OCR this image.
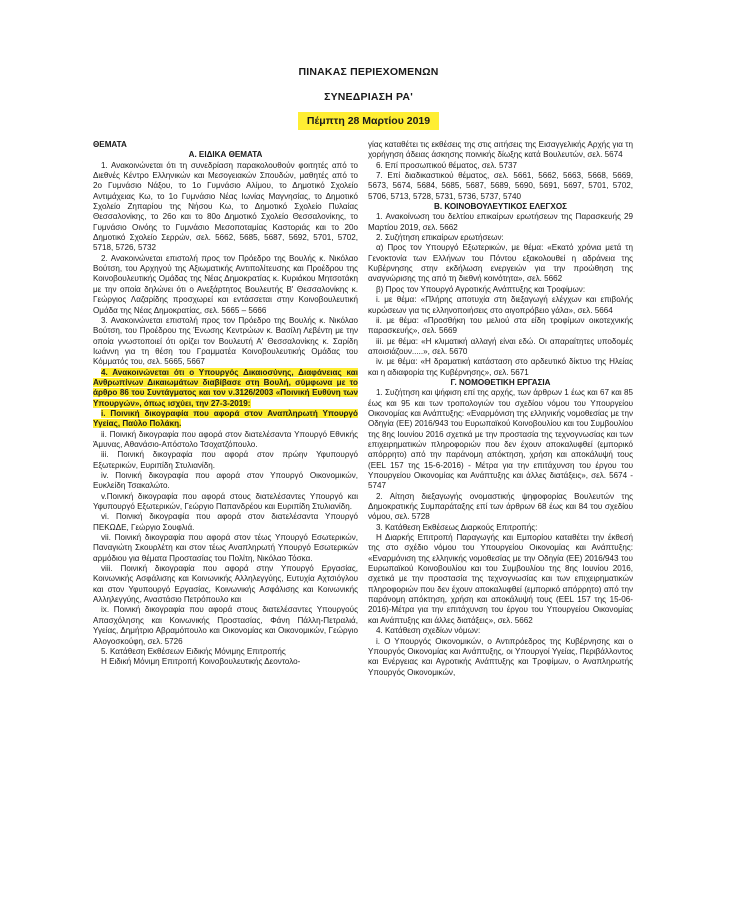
ΠΙΝΑΚΑΣ ΠΕΡΙΕΧΟΜΕΝΩΝ
ΣΥΝΕΔΡΙΑΣΗ ΡΑ'
Πέμπτη 28 Μαρτίου 2019

ΘΕΜΑΤΑ

Α. ΕΙΔΙΚΑ ΘΕΜΑΤΑ

1. Ανακοινώνεται ότι τη συνεδρίαση παρακολουθούν φοιτητές από το Διεθνές Κέντρο Ελληνικών και Μεσογειακών Σπουδών, μαθητές από το 2ο Γυμνάσιο Νάξου, το 1ο Γυμνάσιο Αλίμου, το Δημοτικό Σχολείο Αντιμάχειας Κω, το 1ο Γυμνάσιο Νέας Ιωνίας Μαγνησίας, το Δημοτικό Σχολείο Ζηπαρίου της Νήσου Κω, το Δημοτικό Σχολείο Πυλαίας Θεσσαλονίκης, το 26ο και το 80ο Δημοτικό Σχολείο Θεσσαλονίκης, το Γυμνάσιο Οινόης το Γυμνάσιο Μεσοποταμίας Καστοριάς και το 20ο Δημοτικό Σχολείο Σερρών, σελ. 5662, 5685, 5687, 5692, 5701, 5702, 5718, 5726, 5732

2. Ανακοινώνεται επιστολή προς τον Πρόεδρο της Βουλής κ. Νικόλαο Βούτση, του Αρχηγού της Αξιωματικής Αντιπολίτευσης και Προέδρου της Κοινοβουλευτικής Ομάδας της Νέας Δημοκρατίας κ. Κυριάκου Μητσοτάκη με την οποία δηλώνει ότι ο Ανεξάρτητος Βουλευτής Β' Θεσσαλονίκης κ. Γεώργιος Λαζαρίδης προσχωρεί και εντάσσεται στην Κοινοβουλευτική Ομάδα της Νέας Δημοκρατίας, σελ. 5665 – 5666

3. Ανακοινώνεται επιστολή προς τον Πρόεδρο της Βουλής κ. Νικόλαο Βούτση, του Προέδρου της Ένωσης Κεντρώων κ. Βασίλη Λεβέντη με την οποία γνωστοποιεί ότι ορίζει τον Βουλευτή Α' Θεσσαλονίκης κ. Σαρίδη Ιωάννη για τη θέση του Γραμματέα Κοινοβουλευτικής Ομάδας του Κόμματός του, σελ. 5665, 5667

4. Ανακοινώνεται ότι ο Υπουργός Δικαιοσύνης, Διαφάνειας και Ανθρωπίνων Δικαιωμάτων διαβίβασε στη Βουλή, σύμφωνα με το άρθρο 86 του Συντάγματος και τον ν.3126/2003 «Ποινική Ευθύνη των Υπουργών», όπως ισχύει, την 27-3-2019:

i. Ποινική δικογραφία που αφορά στον Αναπληρωτή Υπουργό Υγείας, Παύλο Πολάκη.

ii. Ποινική δικογραφία που αφορά στον διατελέσαντα Υπουργό Εθνικής Άμυνας, Αθανάσιο-Απόστολο Τσοχατζόπουλο.

iii. Ποινική δικογραφία που αφορά στον πρώην Υφυπουργό Εξωτερικών, Ευριπίδη Στυλιανίδη.

iv. Ποινική δικογραφία που αφορά στον Υπουργό Οικονομικών, Ευκλείδη Τσακαλώτο.

v.Ποινική δικογραφία που αφορά στους διατελέσαντες Υπουργό και Υφυπουργό Εξωτερικών, Γεώργιο Παπανδρέου και Ευριπίδη Στυλιανίδη.

vi. Ποινική δικογραφία που αφορά στον διατελέσαντα Υπουργό ΠΕΚΩΔΕ, Γεώργιο Σουφλιά.

vii. Ποινική δικογραφία που αφορά στον τέως Υπουργό Εσωτερικών, Παναγιώτη Σκουρλέτη και στον τέως Αναπληρωτή Υπουργό Εσωτερικών αρμόδιου για θέματα Προστασίας του Πολίτη, Νικόλαο Τόσκα.

viii. Ποινική δικογραφία που αφορά στην Υπουργό Εργασίας, Κοινωνικής Ασφάλισης και Κοινωνικής Αλληλεγγύης, Ευτυχία Αχτσιόγλου και στον Υφυπουργό Εργασίας, Κοινωνικής Ασφάλισης και Κοινωνικής Αλληλεγγύης, Αναστάσιο Πετρόπουλο και

ix. Ποινική δικογραφία που αφορά στους διατελέσαντες Υπουργούς Απασχόλησης και Κοινωνικής Προστασίας, Φάνη Πάλλη-Πετραλιά, Υγείας, Δημήτριο Αβραμόπουλο και Οικονομίας και Οικονομικών, Γεώργιο Αλογοσκούφη, σελ. 5726

5. Κατάθεση Εκθέσεων Ειδικής Μόνιμης Επιτροπής

Η Ειδική Μόνιμη Επιτροπή Κοινοβουλευτικής Δεοντολο-

γίας καταθέτει τις εκθέσεις της στις αιτήσεις της Εισαγγελικής Αρχής για τη χορήγηση άδειας άσκησης ποινικής δίωξης κατά Βουλευτών, σελ. 5674

6. Επί προσωπικού θέματος, σελ. 5737

7. Επί διαδικαστικού θέματος, σελ. 5661, 5662, 5663, 5668, 5669, 5673, 5674, 5684, 5685, 5687, 5689, 5690, 5691, 5697, 5701, 5702, 5706, 5713, 5728, 5731, 5736, 5737, 5740

Β. ΚΟΙΝΟΒΟΥΛΕΥΤΙΚΟΣ ΕΛΕΓΧΟΣ

1. Ανακοίνωση του δελτίου επικαίρων ερωτήσεων της Παρασκευής 29 Μαρτίου 2019, σελ. 5662

2. Συζήτηση επικαίρων ερωτήσεων:

α) Προς τον Υπουργό Εξωτερικών, με θέμα: «Εκατό χρόνια μετά τη Γενοκτονία των Ελλήνων του Πόντου εξακολουθεί η αδράνεια της Κυβέρνησης στην εκδήλωση ενεργειών για την προώθηση της αναγνώρισης της από τη διεθνή κοινότητα», σελ. 5662

β) Προς τον Υπουργό Αγροτικής Ανάπτυξης και Τροφίμων:

i. με θέμα: «Πλήρης αποτυχία στη διεξαγωγή ελέγχων και επιβολής κυρώσεων για τις ελληνοποιήσεις στο αιγοπρόβειο γάλα», σελ. 5664

ii. με θέμα: «Προσθήκη του μελιού στα είδη τροφίμων οικοτεχνικής παρασκευής», σελ. 5669

iii. με θέμα: «Η κλιματική αλλαγή είναι εδώ. Οι απαραίτητες υποδομές αποισιάζουν.....», σελ. 5670

iv. με θέμα: «Η δραματική κατάσταση στο αρδευτικό δίκτυο της Ηλείας και η αδιαφορία της Κυβέρνησης», σελ. 5671

Γ. ΝΟΜΟΘΕΤΙΚΗ ΕΡΓΑΣΙΑ

1. Συζήτηση και ψήφιση επί της αρχής, των άρθρων 1 έως και 67 και 85 έως και 95 και των τροπολογιών του σχεδίου νόμου του Υπουργείου Οικονομίας και Ανάπτυξης: «Εναρμόνιση της ελληνικής νομοθεσίας με την Οδηγία (ΕΕ) 2016/943 του Ευρωπαϊκού Κοινοβουλίου και του Συμβουλίου της 8ης Ιουνίου 2016 σχετικά με την προστασία της τεχνογνωσίας και των επιχειρηματικών πληροφοριών που δεν έχουν αποκαλυφθεί (εμπορικό απόρρητο) από την παράνομη απόκτηση, χρήση και αποκάλυψή τους (ΕΕL 157 της 15-6-2016) - Μέτρα για την επιτάχυνση του έργου του Υπουργείου Οικονομίας και Ανάπτυξης και άλλες διατάξεις», σελ. 5674 - 5747

2. Αίτηση διεξαγωγής ονομαστικής ψηφοφορίας Βουλευτών της Δημοκρατικής Συμπαράταξης επί των άρθρων 68 έως και 84 του σχεδίου νόμου, σελ. 5728

3. Κατάθεση Εκθέσεως Διαρκούς Επιτροπής:

Η Διαρκής Επιτροπή Παραγωγής και Εμπορίου καταθέτει την έκθεσή της στο σχέδιο νόμου του Υπουργείου Οικονομίας και Ανάπτυξης: «Εναρμόνιση της ελληνικής νομοθεσίας με την Οδηγία (ΕΕ) 2016/943 του Ευρωπαϊκού Κοινοβουλίου και του Συμβουλίου της 8ης Ιουνίου 2016, σχετικά με την προστασία της τεχνογνωσίας και των επιχειρηματικών πληροφοριών που δεν έχουν αποκαλυφθεί (εμπορικό απόρρητο) από την παράνομη απόκτηση, χρήση και αποκάλυψή τους (ΕΕL 157 της 15-06-2016)-Μέτρα για την επιτάχυνση του έργου του Υπουργείου Οικονομίας και Ανάπτυξης και άλλες διατάξεις», σελ. 5662

4. Κατάθεση σχεδίων νόμων:

i. Ο Υπουργός Οικονομικών, ο Αντιπρόεδρος της Κυβέρνησης και ο Υπουργός Οικονομίας και Ανάπτυξης, οι Υπουργοί Υγείας, Περιβάλλοντος και Ενέργειας και Αγροτικής Ανάπτυξης και Τροφίμων, ο Αναπληρωτής Υπουργός Οικονομικών,
